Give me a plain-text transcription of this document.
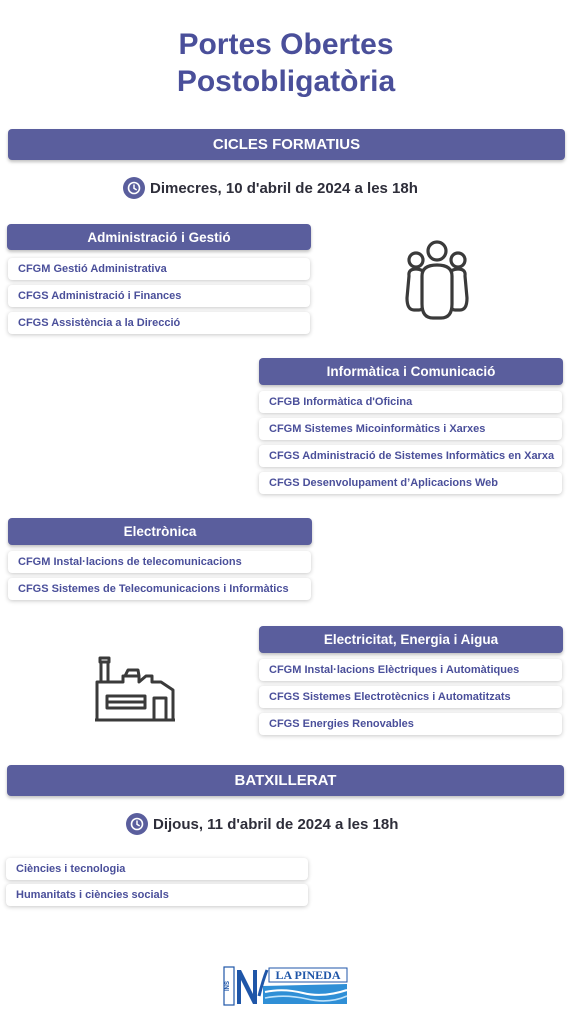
Portes Obertes
Postobligatòria
CICLES FORMATIUS
Dimecres, 10 d'abril de 2024 a les 18h
Administració i Gestió
CFGM Gestió Administrativa
CFGS Administració i Finances
CFGS Assistència a la Direcció
Informàtica i Comunicació
CFGB Informàtica d'Oficina
CFGM Sistemes Micoinformàtics i Xarxes
CFGS Administració de Sistemes Informàtics en Xarxa
CFGS Desenvolupament d’Aplicacions Web
Electrònica
CFGM Instal·lacions de telecomunicacions
CFGS Sistemes de Telecomunicacions i Informàtics
Electricitat, Energia i Aigua
CFGM Instal·lacions Elèctriques i Automàtiques
CFGS Sistemes Electrotècnics i Automatitzats
CFGS Energies Renovables
BATXILLERAT
Dijous, 11 d'abril de 2024 a les 18h
Ciències i tecnologia
Humanitats i ciències socials
INS
LA PINEDA
